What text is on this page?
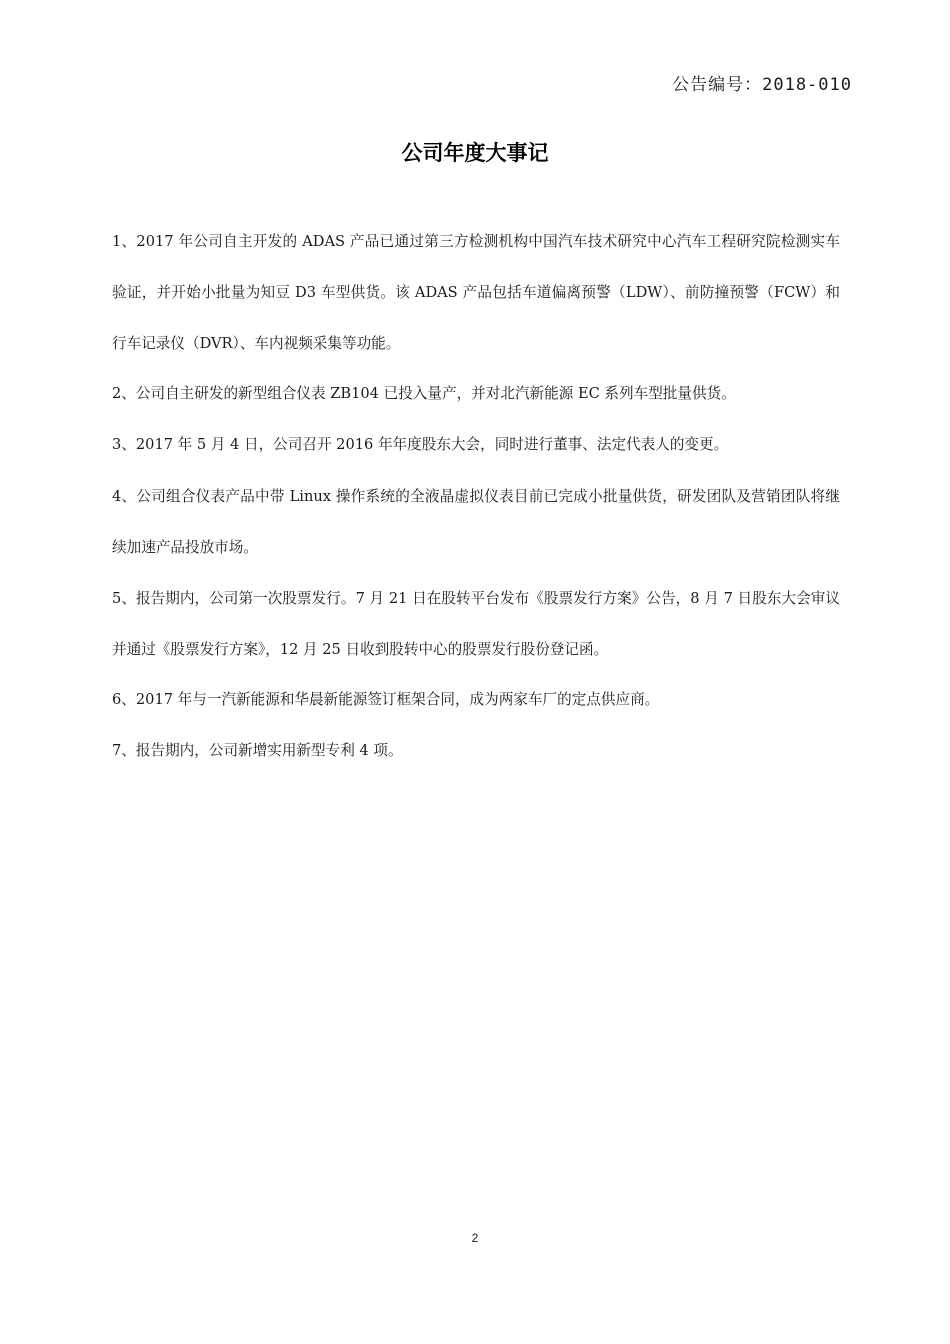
公告编号：2018-010
公司年度大事记
1、2017 年公司自主开发的 ADAS 产品已通过第三方检测机构中国汽车技术研究中心汽车工程研究院检测实车验证，并开始小批量为知豆 D3 车型供货。该 ADAS 产品包括车道偏离预警（LDW）、前防撞预警（FCW）和行车记录仪（DVR）、车内视频采集等功能。
2、公司自主研发的新型组合仪表 ZB104 已投入量产，并对北汽新能源 EC 系列车型批量供货。
3、2017 年 5 月 4 日，公司召开 2016 年年度股东大会，同时进行董事、法定代表人的变更。
4、公司组合仪表产品中带 Linux 操作系统的全液晶虚拟仪表目前已完成小批量供货，研发团队及营销团队将继续加速产品投放市场。
5、报告期内，公司第一次股票发行。7 月 21 日在股转平台发布《股票发行方案》公告，8 月 7 日股东大会审议并通过《股票发行方案》，12 月 25 日收到股转中心的股票发行股份登记函。
6、2017 年与一汽新能源和华晨新能源签订框架合同，成为两家车厂的定点供应商。
7、报告期内，公司新增实用新型专利 4 项。
2
